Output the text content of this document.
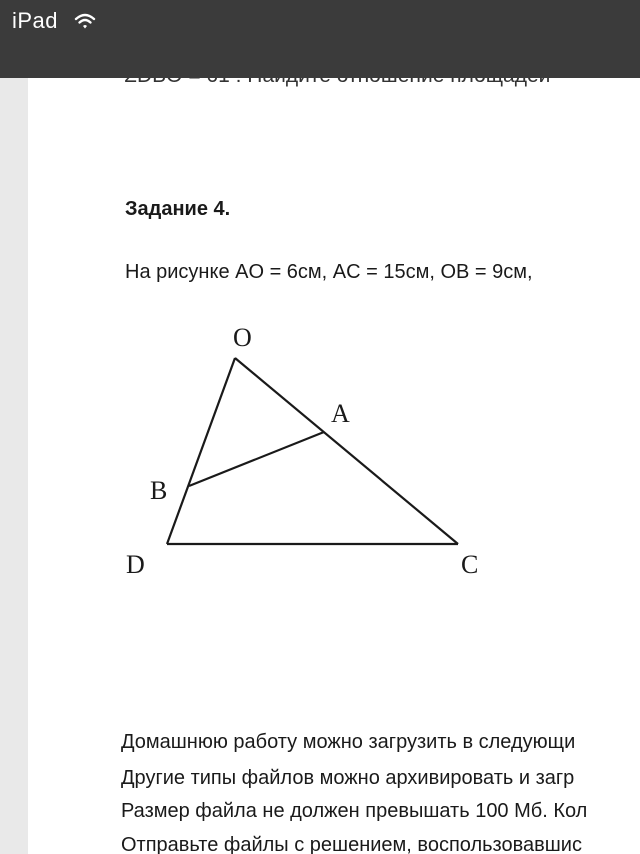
iPad
Задание 4.
На рисунке AO = 6см, AC = 15см, OB = 9см,
O
A
B
D	C
Домашнюю работу можно загрузить в следующи
Другие типы файлов можно архивировать и загр
Размер файла не должен превышать 100 Мб. Кол
Отправьте файлы с решением, воспользовавшис
